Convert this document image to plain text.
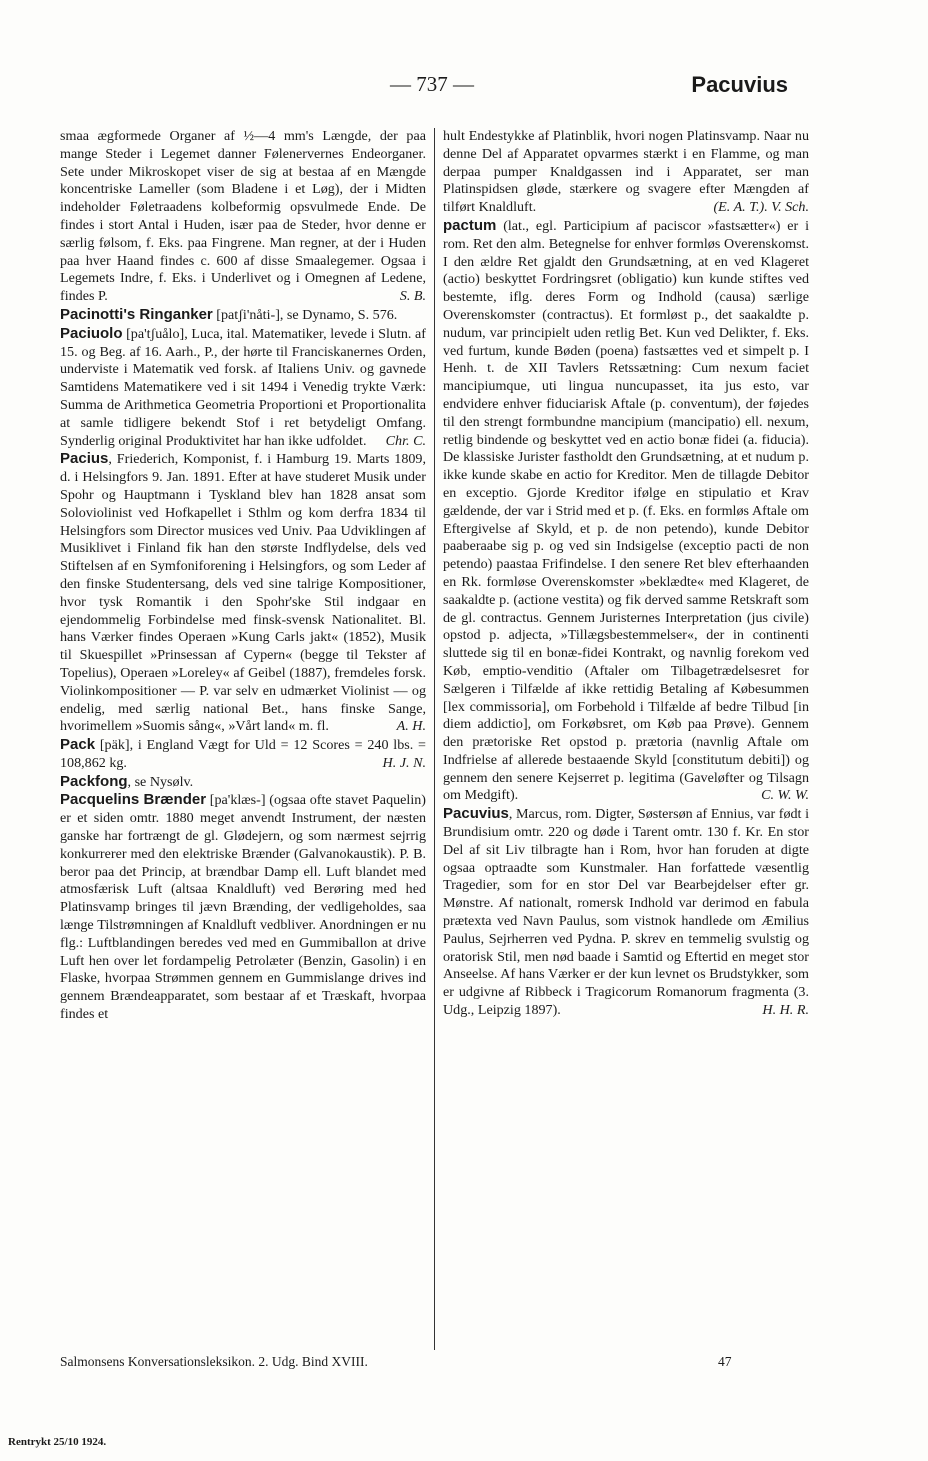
— 737 —	Pacuvius

smaa ægformede Organer af ½—4 mm's Længde, der paa mange Steder i Legemet danner Følenervernes Endeorganer. Sete under Mikroskopet viser de sig at bestaa af en Mængde koncentriske Lameller (som Bladene i et Løg), der i Midten indeholder Føletraadens kolbeformig opsvulmede Ende. De findes i stort Antal i Huden, især paa de Steder, hvor denne er særlig følsom, f. Eks. paa Fingrene. Man regner, at der i Huden paa hver Haand findes c. 600 af disse Smaalegemer. Ogsaa i Legemets Indre, f. Eks. i Underlivet og i Omegnen af Ledene, findes P.	S. B.

Pacinotti's Ringanker [patʃi'nåti-], se Dynamo, S. 576.

Paciuolo [pa'tʃuålo], Luca, ital. Matematiker, levede i Slutn. af 15. og Beg. af 16. Aarh., P., der hørte til Franciskanernes Orden, underviste i Matematik ved forsk. af Italiens Univ. og gavnede Samtidens Matematikere ved i sit 1494 i Venedig trykte Værk: Summa de Arithmetica Geometria Proportioni et Proportionalita at samle tidligere bekendt Stof i ret betydeligt Omfang. Synderlig original Produktivitet har han ikke udfoldet. Chr. C.

Pacius, Friederich, Komponist, f. i Hamburg 19. Marts 1809, d. i Helsingfors 9. Jan. 1891. Efter at have studeret Musik under Spohr og Hauptmann i Tyskland blev han 1828 ansat som Soloviolinist ved Hofkapellet i Sthlm og kom derfra 1834 til Helsingfors som Director musices ved Univ. Paa Udviklingen af Musiklivet i Finland fik han den største Indflydelse, dels ved Stiftelsen af en Symfoniforening i Helsingfors, og som Leder af den finske Studentersang, dels ved sine talrige Kompositioner, hvor tysk Romantik i den Spohr'ske Stil indgaar en ejendommelig Forbindelse med finsk-svensk Nationalitet. Bl. hans Værker findes Operaen »Kung Carls jakt« (1852), Musik til Skuespillet »Prinsessan af Cypern« (begge til Tekster af Topelius), Operaen »Loreley« af Geibel (1887), fremdeles forsk. Violinkompositioner — P. var selv en udmærket Violinist — og endelig, med særlig national Bet., hans finske Sange, hvorimellem »Suomis sång«, »Vårt land« m. fl.	A. H.

Pack [päk], i England Vægt for Uld = 12 Scores = 240 lbs. = 108,862 kg.	H. J. N.

Packfong, se Nysølv.

Pacquelins Brænder [pa'klæs-] (ogsaa ofte stavet Paquelin) er et siden omtr. 1880 meget anvendt Instrument, der næsten ganske har fortrængt de gl. Glødejern, og som nærmest sejrrig konkurrerer med den elektriske Brænder (Galvanokaustik). P. B. beror paa det Princip, at brændbar Damp ell. Luft blandet med atmosfærisk Luft (altsaa Knaldluft) ved Berøring med hed Platinsvamp bringes til jævn Brænding, der vedligeholdes, saa længe Tilstrømningen af Knaldluft vedbliver. Anordningen er nu flg.: Luftblandingen beredes ved med en Gummiballon at drive Luft hen over let fordampelig Petrolæter (Benzin, Gasolin) i en Flaske, hvorpaa Strømmen gennem en Gummislange drives ind gennem Brændeapparatet, som bestaar af et Træskaft, hvorpaa findes et

hult Endestykke af Platinblik, hvori nogen Platinsvamp. Naar nu denne Del af Apparatet opvarmes stærkt i en Flamme, og man derpaa pumper Knaldgassen ind i Apparatet, ser man Platinspidsen gløde, stærkere og svagere efter Mængden af tilført Knaldluft.	(E. A. T.). V. Sch.

pactum (lat., egl. Participium af paciscor »fastsætter«) er i rom. Ret den alm. Betegnelse for enhver formløs Overenskomst. I den ældre Ret gjaldt den Grundsætning, at en ved Klageret (actio) beskyttet Fordringsret (obligatio) kun kunde stiftes ved bestemte, iflg. deres Form og Indhold (causa) særlige Overenskomster (contractus). Et formløst p., det saakaldte p. nudum, var principielt uden retlig Bet. Kun ved Delikter, f. Eks. ved furtum, kunde Bøden (poena) fastsættes ved et simpelt p. I Henh. t. de XII Tavlers Retssætning: Cum nexum faciet mancipiumque, uti lingua nuncupasset, ita jus esto, var endvidere enhver fiduciarisk Aftale (p. conventum), der føjedes til den strengt formbundne mancipium (mancipatio) ell. nexum, retlig bindende og beskyttet ved en actio bonæ fidei (a. fiducia). De klassiske Jurister fastholdt den Grundsætning, at et nudum p. ikke kunde skabe en actio for Kreditor. Men de tillagde Debitor en exceptio. Gjorde Kreditor ifølge en stipulatio et Krav gældende, der var i Strid med et p. (f. Eks. en formløs Aftale om Eftergivelse af Skyld, et p. de non petendo), kunde Debitor paaberaabe sig p. og ved sin Indsigelse (exceptio pacti de non petendo) paastaa Frifindelse. I den senere Ret blev efterhaanden en Rk. formløse Overenskomster »beklædte« med Klageret, de saakaldte p. (actione vestita) og fik derved samme Retskraft som de gl. contractus. Gennem Juristernes Interpretation (jus civile) opstod p. adjecta, »Tillægsbestemmelser«, der in continenti sluttede sig til en bonæ-fidei Kontrakt, og navnlig forekom ved Køb, emptio-venditio (Aftaler om Tilbagetrædelsesret for Sælgeren i Tilfælde af ikke rettidig Betaling af Købesummen [lex commissoria], om Forbehold i Tilfælde af bedre Tilbud [in diem addictio], om Forkøbsret, om Køb paa Prøve). Gennem den prætoriske Ret opstod p. prætoria (navnlig Aftale om Indfrielse af allerede bestaaende Skyld [constitutum debiti]) og gennem den senere Kejserret p. legitima (Gaveløfter og Tilsagn om Medgift).	C. W. W.

Pacuvius, Marcus, rom. Digter, Søstersøn af Ennius, var født i Brundisium omtr. 220 og døde i Tarent omtr. 130 f. Kr. En stor Del af sit Liv tilbragte han i Rom, hvor han foruden at digte ogsaa optraadte som Kunstmaler. Han forfattede væsentlig Tragedier, som for en stor Del var Bearbejdelser efter gr. Mønstre. Af nationalt, romersk Indhold var derimod en fabula prætexta ved Navn Paulus, som vistnok handlede om Æmilius Paulus, Sejrherren ved Pydna. P. skrev en temmelig svulstig og oratorisk Stil, men nød baade i Samtid og Eftertid en meget stor Anseelse. Af hans Værker er der kun levnet os Brudstykker, som er udgivne af Ribbeck i Tragicorum Romanorum fragmenta (3. Udg., Leipzig 1897).	H. H. R.

Salmonsens Konversationsleksikon. 2. Udg. Bind XVIII.	47
Rentrykt 25/10 1924.
